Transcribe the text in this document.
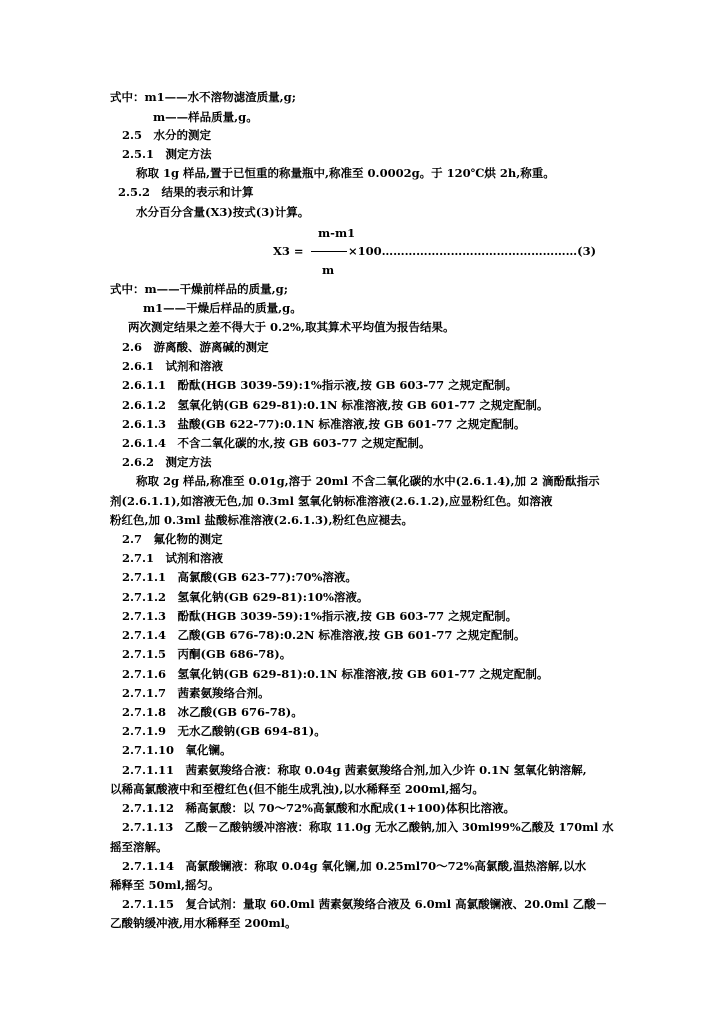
式中：m1——水不溶物滤渣质量,g;
m——样品质量,g。
2.5　水分的测定
2.5.1　测定方法
称取 1g 样品,置于已恒重的称量瓶中,称准至 0.0002g。于 120℃烘 2h,称重。
2.5.2　结果的表示和计算
水分百分含量(X3)按式(3)计算。
m-m1
X3 =	×100……………………………………………(3)
m
式中：m——干燥前样品的质量,g;
m1——干燥后样品的质量,g。
两次测定结果之差不得大于 0.2%,取其算术平均值为报告结果。
2.6　游离酸、游离碱的测定
2.6.1　试剂和溶液
2.6.1.1　酚酞(HGB 3039-59):1%指示液,按 GB 603-77 之规定配制。
2.6.1.2　氢氧化钠(GB 629-81):0.1N 标准溶液,按 GB 601-77 之规定配制。
2.6.1.3　盐酸(GB 622-77):0.1N 标准溶液,按 GB 601-77 之规定配制。
2.6.1.4　不含二氧化碳的水,按 GB 603-77 之规定配制。
2.6.2　测定方法
称取 2g 样品,称准至 0.01g,溶于 20ml 不含二氧化碳的水中(2.6.1.4),加 2 滴酚酞指示
剂(2.6.1.1),如溶液无色,加 0.3ml 氢氧化钠标准溶液(2.6.1.2),应显粉红色。如溶液
粉红色,加 0.3ml 盐酸标准溶液(2.6.1.3),粉红色应褪去。
2.7　氟化物的测定
2.7.1　试剂和溶液
2.7.1.1　高氯酸(GB 623-77):70%溶液。
2.7.1.2　氢氧化钠(GB 629-81):10%溶液。
2.7.1.3　酚酞(HGB 3039-59):1%指示液,按 GB 603-77 之规定配制。
2.7.1.4　乙酸(GB 676-78):0.2N 标准溶液,按 GB 601-77 之规定配制。
2.7.1.5　丙酮(GB 686-78)。
2.7.1.6　氢氧化钠(GB 629-81):0.1N 标准溶液,按 GB 601-77 之规定配制。
2.7.1.7　茜素氨羧络合剂。
2.7.1.8　冰乙酸(GB 676-78)。
2.7.1.9　无水乙酸钠(GB 694-81)。
2.7.1.10　氧化镧。
2.7.1.11　茜素氨羧络合液：称取 0.04g 茜素氨羧络合剂,加入少许 0.1N 氢氧化钠溶解,
以稀高氯酸液中和至橙红色(但不能生成乳浊),以水稀释至 200ml,摇匀。
2.7.1.12　稀高氯酸：以 70～72%高氯酸和水配成(1+100)体积比溶液。
2.7.1.13　乙酸－乙酸钠缓冲溶液：称取 11.0g 无水乙酸钠,加入 30ml99%乙酸及 170ml 水
摇至溶解。
2.7.1.14　高氯酸镧液：称取 0.04g 氧化镧,加 0.25ml70～72%高氯酸,温热溶解,以水
稀释至 50ml,摇匀。
2.7.1.15　复合试剂：量取 60.0ml 茜素氨羧络合液及 6.0ml 高氯酸镧液、20.0ml 乙酸－
乙酸钠缓冲液,用水稀释至 200ml。
